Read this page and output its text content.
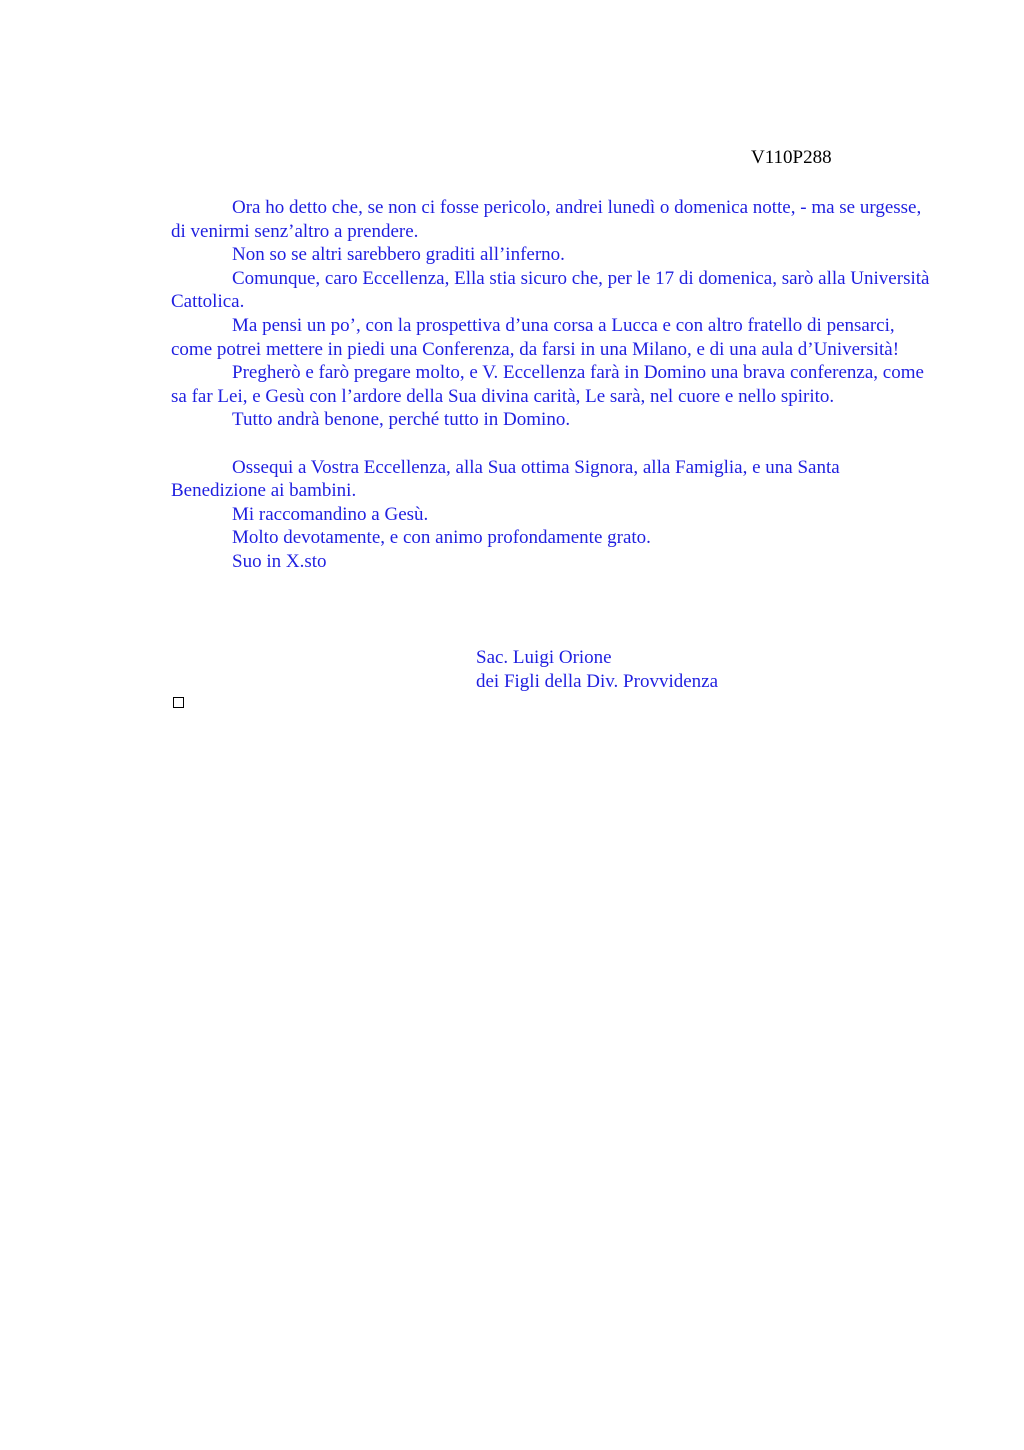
V110P288

Ora ho detto che, se non ci fosse pericolo, andrei lunedì o domenica notte, - ma se urgesse, di venirmi senz’altro a prendere.

Non so se altri sarebbero graditi all’inferno.

Comunque, caro Eccellenza, Ella stia sicuro che, per le 17 di domenica, sarò alla Università Cattolica.

Ma pensi un po’, con la prospettiva d’una corsa a Lucca e con altro fratello di pensarci, come potrei mettere in piedi una Conferenza, da farsi in una Milano, e di una aula d’Università!

Pregherò e farò pregare molto, e V. Eccellenza farà in Domino una brava conferenza, come sa far Lei, e Gesù con l’ardore della Sua divina carità, Le sarà, nel cuore e nello spirito.

Tutto andrà benone, perché tutto in Domino.

Ossequi a Vostra Eccellenza, alla Sua ottima Signora, alla Famiglia, e una Santa Benedizione ai bambini.

Mi raccomandino a Gesù.

Molto devotamente, e con animo profondamente grato.

Suo in X.sto

Sac. Luigi Orione
dei Figli della Div. Provvidenza
